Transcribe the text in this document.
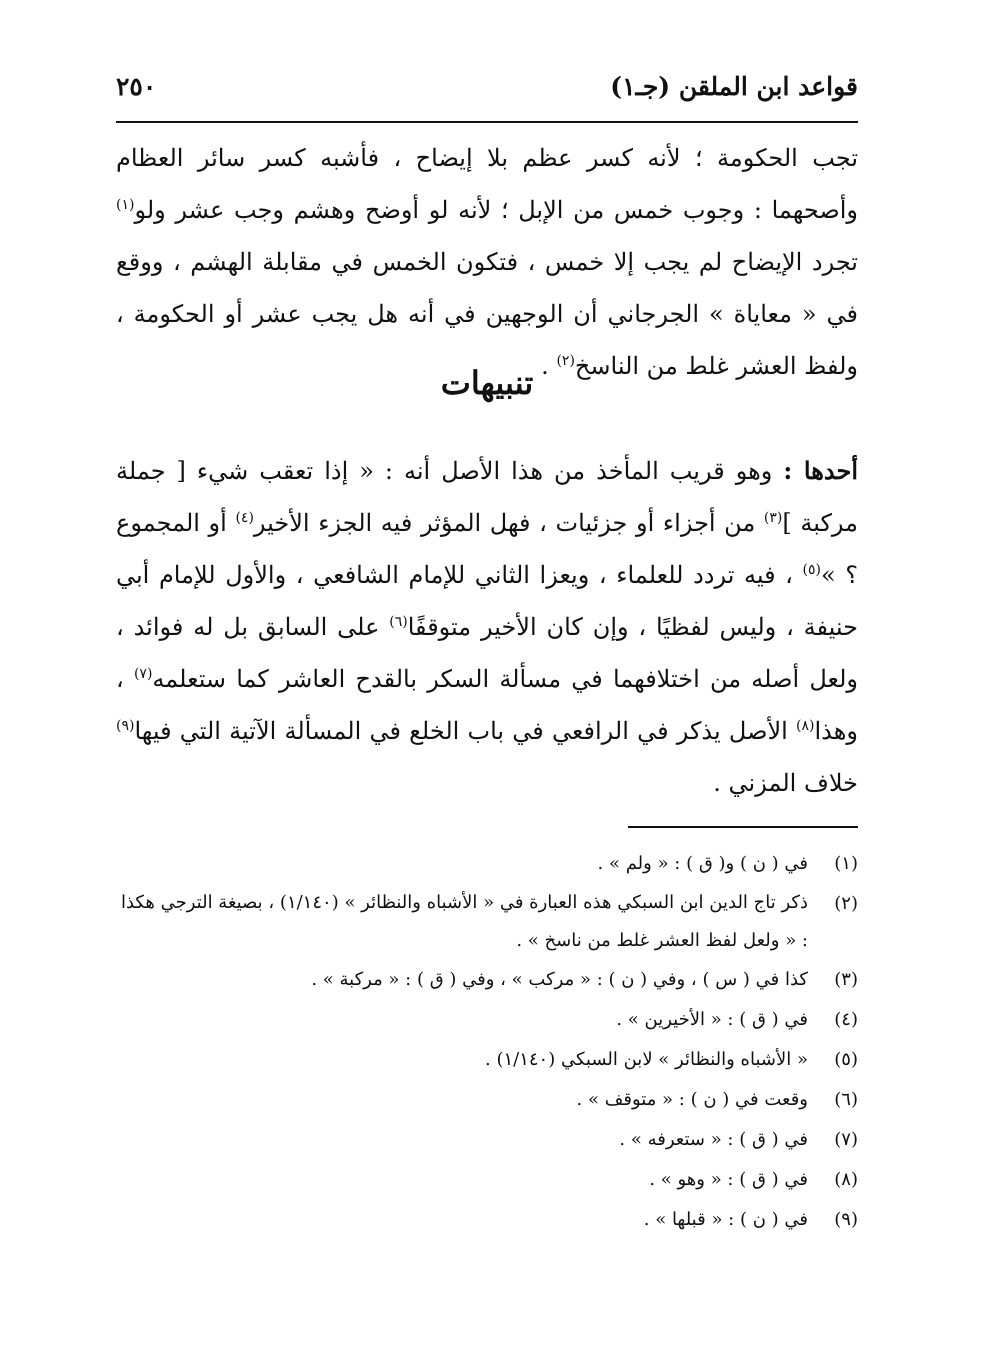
قواعد ابن الملقن (جـ١)
٢٥٠

تجب الحكومة ؛ لأنه كسر عظم بلا إيضاح ، فأشبه كسر سائر العظام وأصحهما : وجوب خمس من الإبل ؛ لأنه لو أوضح وهشم وجب عشر ولو$^{(١)}$ تجرد الإيضاح لم يجب إلا خمس ، فتكون الخمس في مقابلة الهشم ، ووقع في « معاياة » الجرجاني أن الوجهين في أنه هل يجب عشر أو الحكومة ، ولفظ العشر غلط من الناسخ$^{(٢)}$ .

تنبيهات

أحدها : وهو قريب المأخذ من هذا الأصل أنه : « إذا تعقب شيء [ جملة مركبة ]$^{(٣)}$ من أجزاء أو جزئيات ، فهل المؤثر فيه الجزء الأخير$^{(٤)}$ أو المجموع ؟ »$^{(٥)}$ ، فيه تردد للعلماء ، ويعزا الثاني للإمام الشافعي ، والأول للإمام أبي حنيفة ، وليس لفظيًا ، وإن كان الأخير متوقفًا$^{(٦)}$ على السابق بل له فوائد ، ولعل أصله من اختلافهما في مسألة السكر بالقدح العاشر كما ستعلمه$^{(٧)}$ ، وهذا$^{(٨)}$ الأصل يذكر في الرافعي في باب الخلع في المسألة الآتية التي فيها$^{(٩)}$ خلاف المزني .

(١)
في ( ن ) و( ق ) : « ولم » .
(٢)
ذكر تاج الدين ابن السبكي هذه العبارة في « الأشباه والنظائر » (١/١٤٠) ، بصيغة الترجي هكذا : « ولعل لفظ العشر غلط من ناسخ » .
(٣)
كذا في ( س ) ، وفي ( ن ) : « مركب » ، وفي ( ق ) : « مركبة » .
(٤)
في ( ق ) : « الأخيرين » .
(٥)
« الأشباه والنظائر » لابن السبكي (١/١٤٠) .
(٦)
وقعت في ( ن ) : « متوقف » .
(٧)
في ( ق ) : « ستعرفه » .
(٨)
في ( ق ) : « وهو » .
(٩)
في ( ن ) : « قبلها » .
